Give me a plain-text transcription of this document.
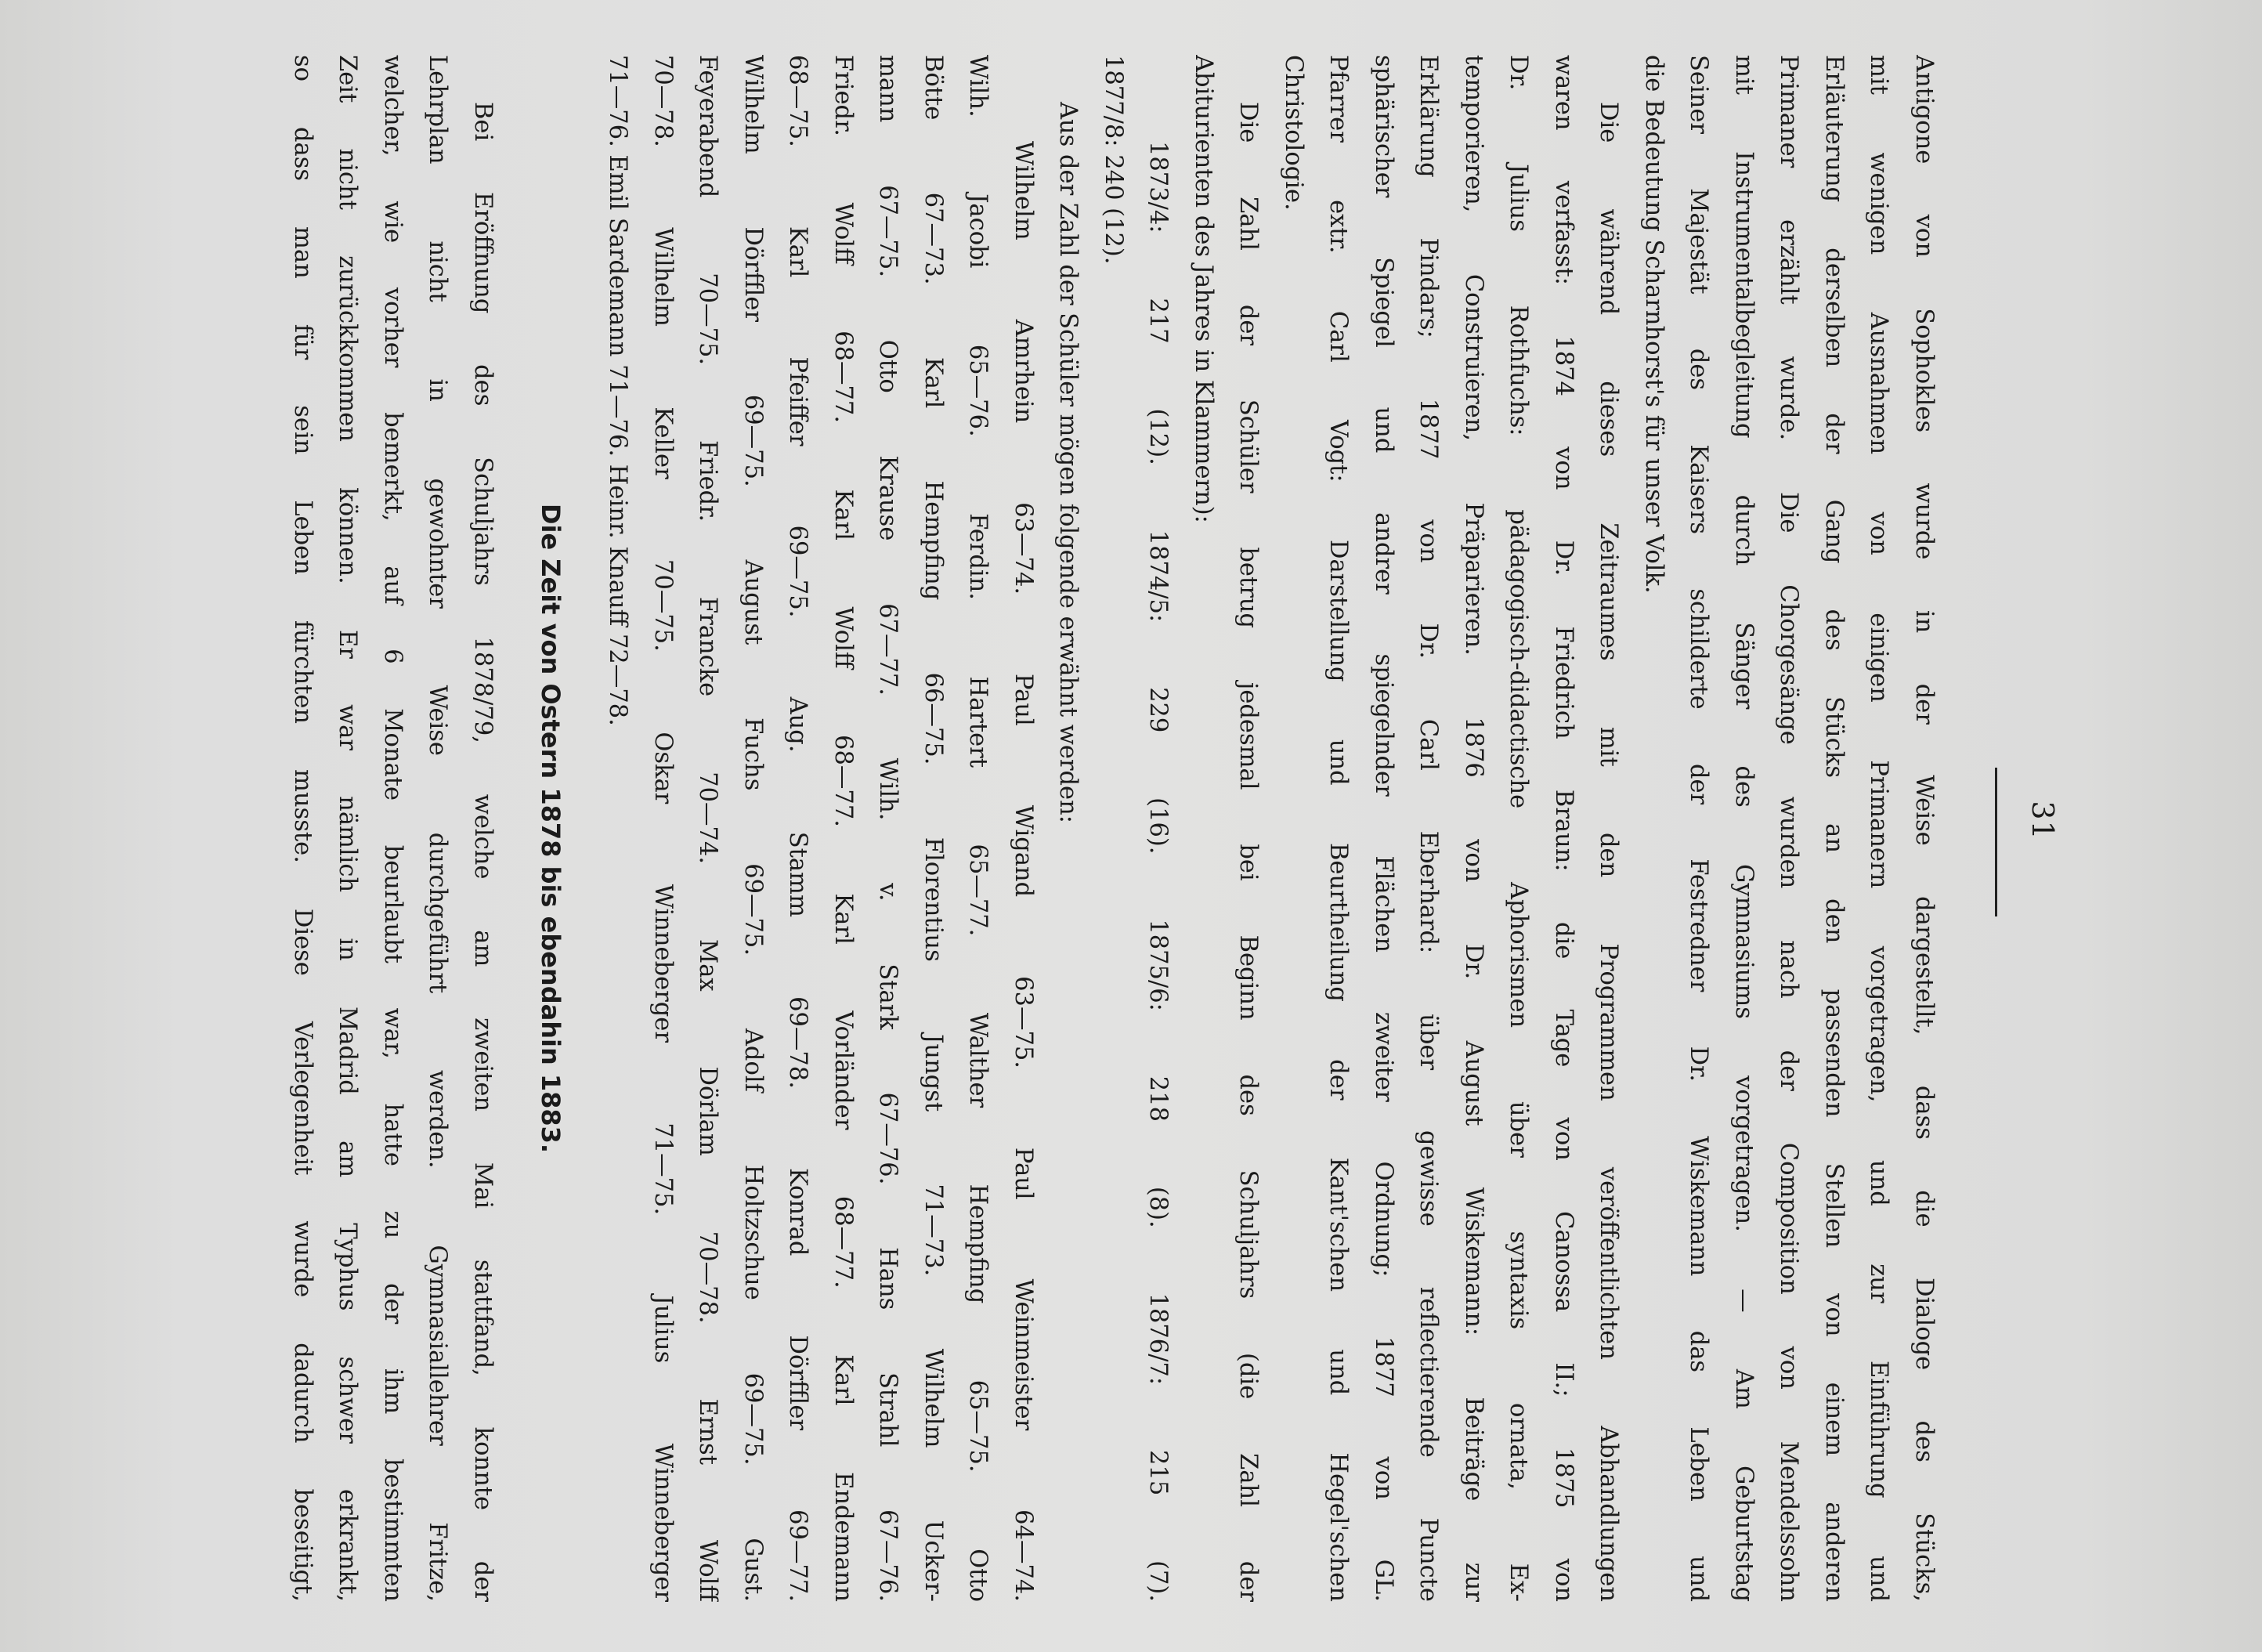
31
Antigone von Sophokles wurde in der Weise dargestellt, dass die Dialoge des Stücks,
mit wenigen Ausnahmen von einigen Primanern vorgetragen, und zur Einführung und
Erläuterung derselben der Gang des Stücks an den passenden Stellen von einem anderen
Primaner erzählt wurde. Die Chorgesänge wurden nach der Composition von Mendelssohn
mit Instrumentalbegleitung durch Sänger des Gymnasiums vorgetragen. — Am Geburtstag
Seiner Majestät des Kaisers schilderte der Festredner Dr. Wiskemann das Leben und
die Bedeutung Scharnhorst's für unser Volk.
Die während dieses Zeitraumes mit den Programmen veröffentlichten Abhandlungen
waren verfasst: 1874 von Dr. Friedrich Braun: die Tage von Canossa II.; 1875 von
Dr. Julius Rothfuchs: pädagogisch-didactische Aphorismen über syntaxis ornata, Ex-
temporieren, Construieren, Präparieren. 1876 von Dr. August Wiskemann: Beiträge zur
Erklärung Pindars; 1877 von Dr. Carl Eberhard: über gewisse reflectierende Puncte
sphärischer Spiegel und andrer spiegelnder Flächen zweiter Ordnung; 1877 von GL.
Pfarrer extr. Carl Vogt: Darstellung und Beurtheilung der Kant'schen und Hegel'schen
Christologie.
Die Zahl der Schüler betrug jedesmal bei Beginn des Schuljahrs (die Zahl der
Abiturienten des Jahres in Klammern):
1873/4: 217 (12). 1874/5: 229 (16). 1875/6: 218 (8). 1876/7: 215 (7).
1877/8: 240 (12).
Aus der Zahl der Schüler mögen folgende erwähnt werden:
Wilhelm Amrhein 63—74. Paul Wigand 63—75. Paul Weinmeister 64—74.
Wilh. Jacobi 65—76. Ferdin. Hartert 65—77. Walther Hempfing 65—75. Otto
Bötte 67—73. Karl Hempfing 66—75. Florentius Jungst 71—73. Wilhelm Ucker-
mann 67—75. Otto Krause 67—77. Wilh. v. Stark 67—76. Hans Strahl 67—76.
Friedr. Wolff 68—77. Karl Wolff 68—77. Karl Vorländer 68—77. Karl Endemann
68—75. Karl Pfeiffer 69—75. Aug. Stamm 69—78. Konrad Dörffler 69—77.
Wilhelm Dörffler 69—75. August Fuchs 69—75. Adolf Holtzschue 69—75. Gust.
Feyerabend 70—75. Friedr. Francke 70—74. Max Dörlam 70—78. Ernst Wolff
70—78. Wilhelm Keller 70—75. Oskar Winneberger 71—75. Julius Winneberger
71—76. Emil Sardemann 71—76. Heinr. Knauff 72—78.
Die Zeit von Ostern 1878 bis ebendahin 1883.
Bei Eröffnung des Schuljahrs 1878/79, welche am zweiten Mai stattfand, konnte der
Lehrplan nicht in gewohnter Weise durchgeführt werden. Gymnasiallehrer Fritze,
welcher, wie vorher bemerkt, auf 6 Monate beurlaubt war, hatte zu der ihm bestimmten
Zeit nicht zurückkommen können. Er war nämlich in Madrid am Typhus schwer erkrankt,
so dass man für sein Leben fürchten musste. Diese Verlegenheit wurde dadurch beseitigt,
